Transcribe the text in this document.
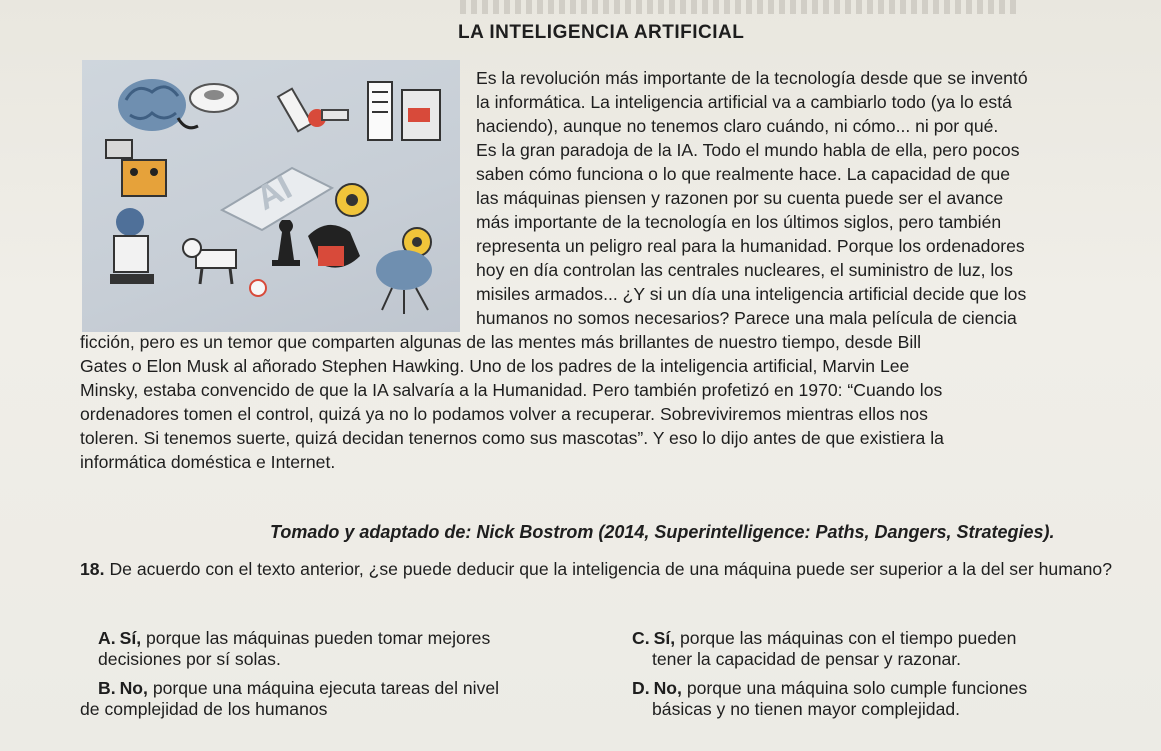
LA INTELIGENCIA ARTIFICIAL
AI
Es la revolución más importante de la tecnología desde que se inventó
la informática. La inteligencia artificial va a cambiarlo todo (ya lo está
haciendo), aunque no tenemos claro cuándo, ni cómo... ni por qué.
Es la gran paradoja de la IA. Todo el mundo habla de ella, pero pocos
saben cómo funciona o lo que realmente hace. La capacidad de que
las máquinas piensen y razonen por su cuenta puede ser el avance
más importante de la tecnología en los últimos siglos, pero también
representa un peligro real para la humanidad. Porque los ordenadores
hoy en día controlan las centrales nucleares, el suministro de luz, los
misiles armados... ¿Y si un día una inteligencia artificial decide que los
humanos no somos necesarios? Parece una mala película de ciencia
ficción, pero es un temor que comparten algunas de las mentes más brillantes de nuestro tiempo, desde Bill
Gates o Elon Musk al añorado Stephen Hawking. Uno de los padres de la inteligencia artificial, Marvin Lee
Minsky, estaba convencido de que la IA salvaría a la Humanidad. Pero también profetizó en 1970: “Cuando los
ordenadores tomen el control, quizá ya no lo podamos volver a recuperar. Sobreviviremos mientras ellos nos
toleren. Si tenemos suerte, quizá decidan tenernos como sus mascotas”. Y eso lo dijo antes de que existiera la
informática doméstica e Internet.
Tomado y adaptado de: Nick Bostrom (2014, Superintelligence: Paths, Dangers, Strategies).
18. De acuerdo con el texto anterior, ¿se puede deducir que la inteligencia de una máquina puede ser superior a la del ser humano?
A. Sí, porque las máquinas pueden tomar mejores
decisiones por sí solas.
B. No, porque una máquina ejecuta tareas del nivel
de complejidad de los humanos
C. Sí, porque las máquinas con el tiempo pueden
tener la capacidad de pensar y razonar.
D. No, porque una máquina solo cumple funciones
básicas y no tienen mayor complejidad.
